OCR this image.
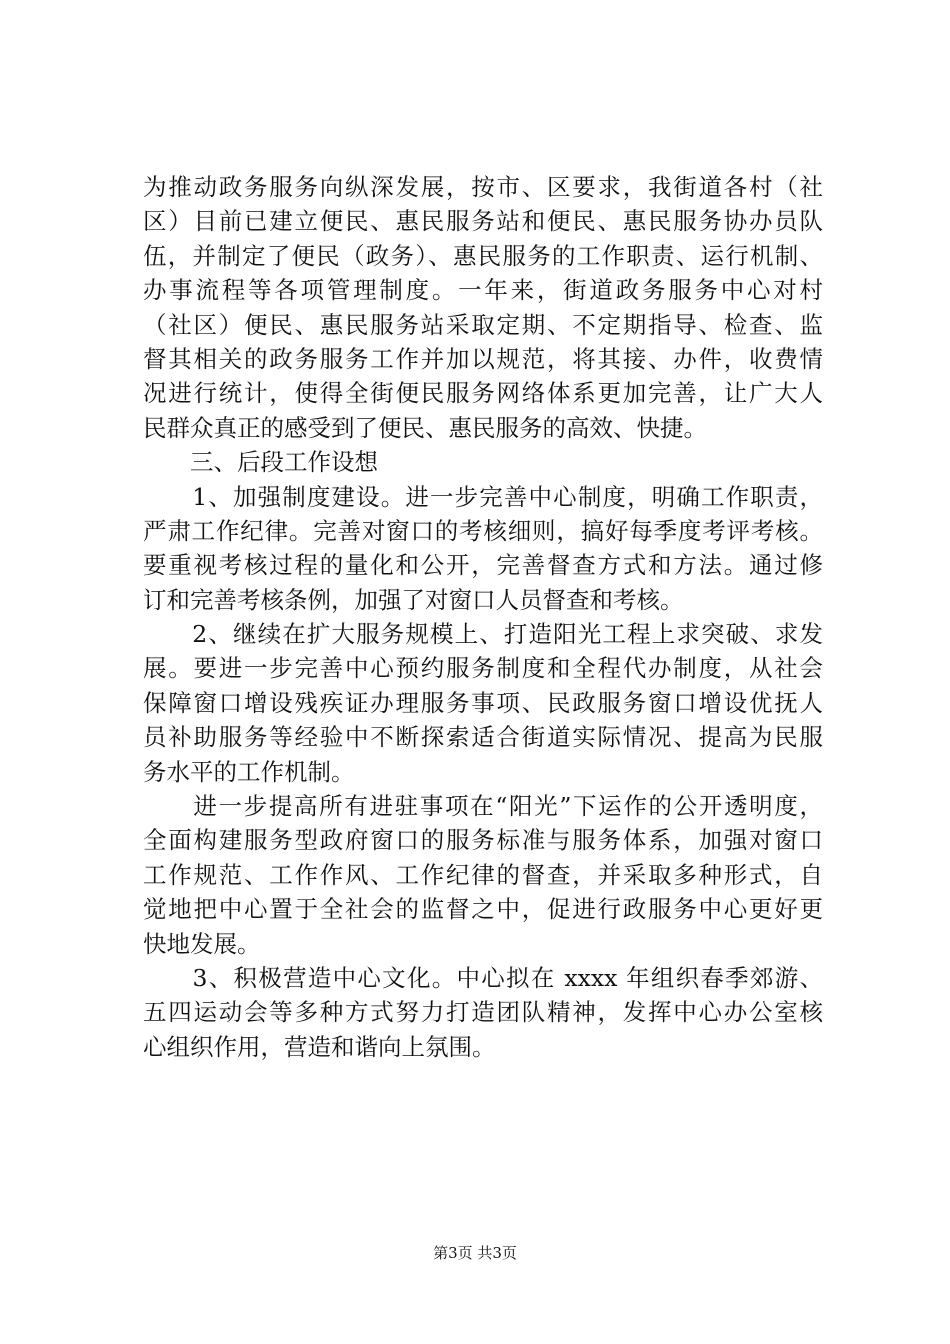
为推动政务服务向纵深发展，按市、区要求，我街道各村（社
区）目前已建立便民、惠民服务站和便民、惠民服务协办员队
伍，并制定了便民（政务）、惠民服务的工作职责、运行机制、
办事流程等各项管理制度。一年来，街道政务服务中心对村
（社区）便民、惠民服务站采取定期、不定期指导、检查、监
督其相关的政务服务工作并加以规范，将其接、办件，收费情
况进行统计，使得全街便民服务网络体系更加完善，让广大人
民群众真正的感受到了便民、惠民服务的高效、快捷。
　　三、后段工作设想
　　1、加强制度建设。进一步完善中心制度，明确工作职责，
严肃工作纪律。完善对窗口的考核细则，搞好每季度考评考核。
要重视考核过程的量化和公开，完善督查方式和方法。通过修
订和完善考核条例，加强了对窗口人员督查和考核。
　　2、继续在扩大服务规模上、打造阳光工程上求突破、求发
展。要进一步完善中心预约服务制度和全程代办制度，从社会
保障窗口增设残疾证办理服务事项、民政服务窗口增设优抚人
员补助服务等经验中不断探索适合街道实际情况、提高为民服
务水平的工作机制。
　　进一步提高所有进驻事项在“阳光”下运作的公开透明度，
全面构建服务型政府窗口的服务标准与服务体系，加强对窗口
工作规范、工作作风、工作纪律的督查，并采取多种形式，自
觉地把中心置于全社会的监督之中，促进行政服务中心更好更
快地发展。
　　3、积极营造中心文化。中心拟在 xxxx 年组织春季郊游、
五四运动会等多种方式努力打造团队精神，发挥中心办公室核
心组织作用，营造和谐向上氛围。
第3页 共3页
